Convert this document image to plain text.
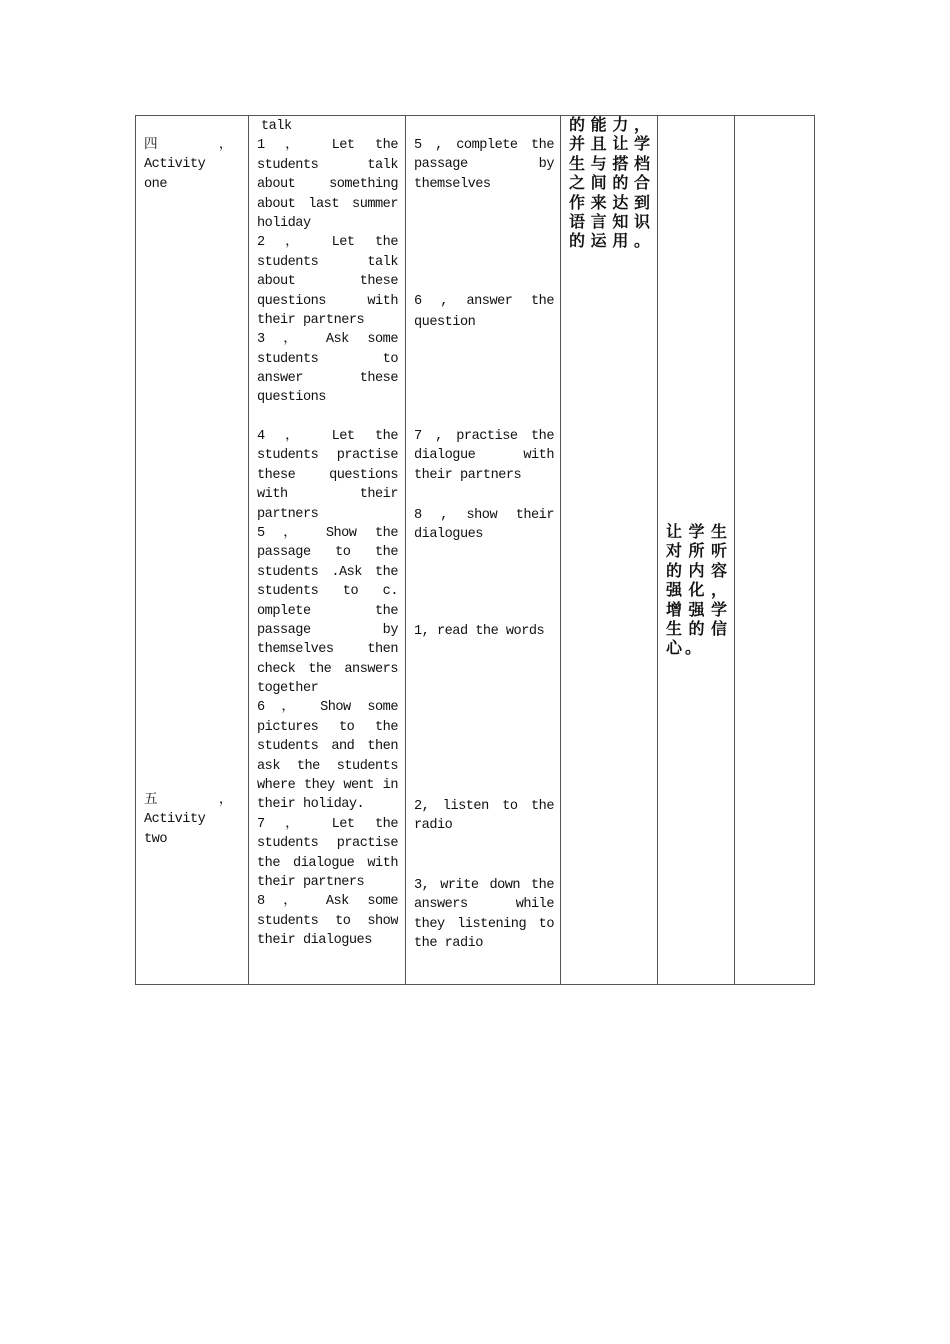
四 ，
Activity
one
五 ，
Activity
two
talk
1 ， Let the
students talk
about something
about last summer
holiday
2 ， Let the
students talk
about these
questions with
their partners
3 ， Ask some
students to
answer these
questions
4 ， Let the
students practise
these questions
with their
partners
5 ， Show the
passage to the
students .Ask the
students to c.
omplete the
passage by
themselves then
check the answers
together
6 ， Show some
pictures to the
students and then
ask the students
where they went in
their holiday.
7 ， Let the
students practise
the dialogue with
their partners
8 ， Ask some
students to show
their dialogues
5 , complete the
passage by
themselves
6 , answer the
question
7 , practise the
dialogue with
their partners
8 , show their
dialogues
1, read the words
2, listen to the
radio
3, write down the
answers while
they listening to
the radio
的能力，
并且让学
生与搭档
之间的合
作来达到
语言知识
的运用。
让学生
对所听
的内容
强化，
增强学
生的信
心。
